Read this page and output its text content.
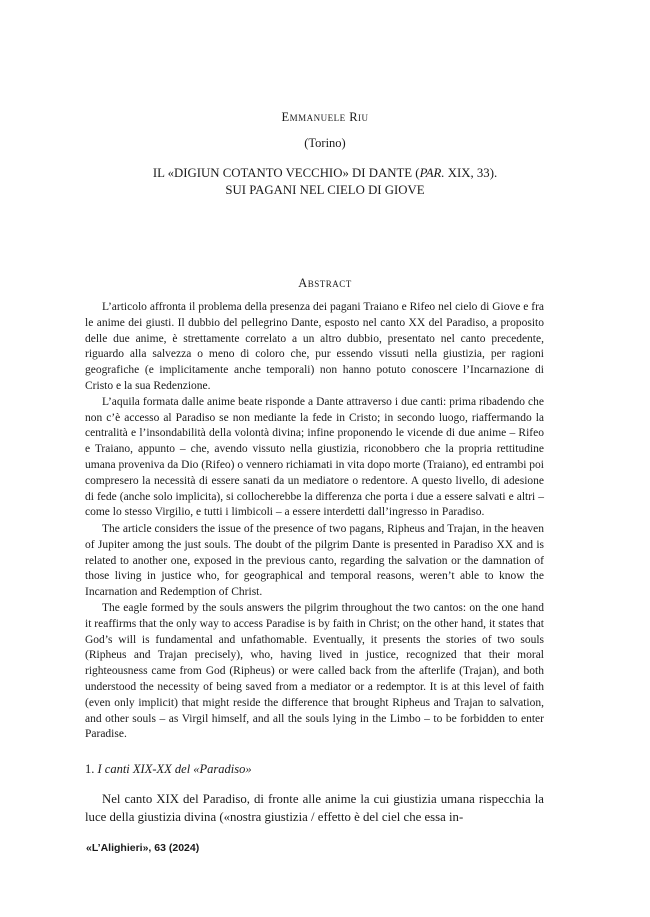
Emmanuele Riu
(Torino)
IL «DIGIUN COTANTO VECCHIO» DI DANTE (PAR. XIX, 33).
SUI PAGANI NEL CIELO DI GIOVE
Abstract

L’articolo affronta il problema della presenza dei pagani Traiano e Rifeo nel cielo di Giove e fra le anime dei giusti. Il dubbio del pellegrino Dante, esposto nel canto XX del Paradiso, a proposito delle due anime, è strettamente correlato a un altro dubbio, presentato nel canto precedente, riguardo alla salvezza o meno di coloro che, pur essendo vissuti nella giustizia, per ragioni geografiche (e implicitamente anche temporali) non hanno potuto conoscere l’Incarnazione di Cristo e la sua Redenzione.

L’aquila formata dalle anime beate risponde a Dante attraverso i due canti: prima ribadendo che non c’è accesso al Paradiso se non mediante la fede in Cristo; in secondo luogo, riaffermando la centralità e l’insondabilità della volontà divina; infine proponendo le vicende di due anime – Rifeo e Traiano, appunto – che, avendo vissuto nella giustizia, riconobbero che la propria rettitudine umana proveniva da Dio (Rifeo) o vennero richiamati in vita dopo morte (Traiano), ed entrambi poi compresero la necessità di essere sanati da un mediatore o redentore. A questo livello, di adesione di fede (anche solo implicita), si collocherebbe la differenza che porta i due a essere salvati e altri – come lo stesso Virgilio, e tutti i limbicoli – a essere interdetti dall’ingresso in Paradiso.

The article considers the issue of the presence of two pagans, Ripheus and Trajan, in the heaven of Jupiter among the just souls. The doubt of the pilgrim Dante is presented in Paradiso XX and is related to another one, exposed in the previous canto, regarding the salvation or the damnation of those living in justice who, for geographical and temporal reasons, weren’t able to know the Incarnation and Redemption of Christ.

The eagle formed by the souls answers the pilgrim throughout the two cantos: on the one hand it reaffirms that the only way to access Paradise is by faith in Christ; on the other hand, it states that God’s will is fundamental and unfathomable. Eventually, it presents the stories of two souls (Ripheus and Trajan precisely), who, having lived in justice, recognized that their moral righteousness came from God (Ripheus) or were called back from the afterlife (Trajan), and both understood the necessity of being saved from a mediator or a redemptor. It is at this level of faith (even only implicit) that might reside the difference that brought Ripheus and Trajan to salvation, and other souls – as Virgil himself, and all the souls lying in the Limbo – to be forbidden to enter Paradise.

1. I canti XIX-XX del «Paradiso»

Nel canto XIX del Paradiso, di fronte alle anime la cui giustizia umana rispecchia la luce della giustizia divina («nostra giustizia / effetto è del ciel che essa in-

«L’Alighieri», 63 (2024)
